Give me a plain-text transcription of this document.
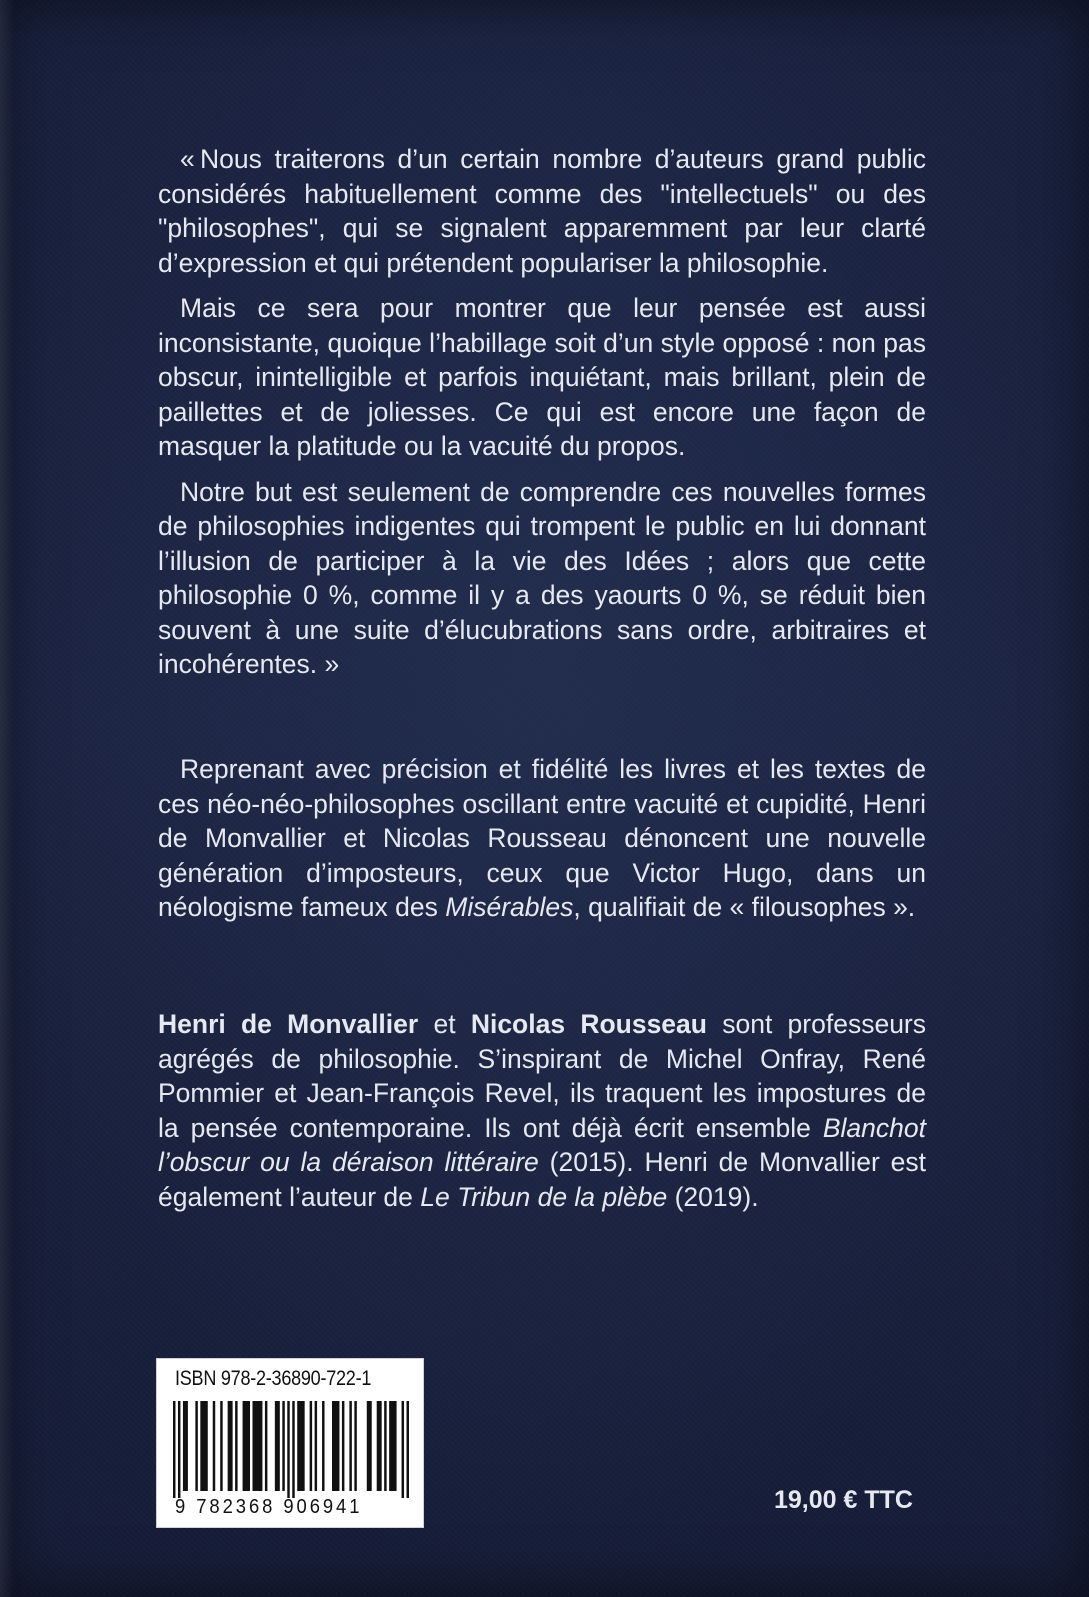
« Nous traiterons d’un certain nombre d’auteurs grand public considérés habituellement comme des "intellectuels" ou des "philosophes", qui se signalent apparemment par leur clarté d’expression et qui prétendent populariser la philosophie.

Mais ce sera pour montrer que leur pensée est aussi inconsistante, quoique l’habillage soit d’un style opposé : non pas obscur, inintelligible et parfois inquiétant, mais brillant, plein de paillettes et de joliesses. Ce qui est encore une façon de masquer la platitude ou la vacuité du propos.

Notre but est seulement de comprendre ces nouvelles formes de philosophies indigentes qui trompent le public en lui donnant l’illusion de participer à la vie des Idées ; alors que cette philosophie 0 %, comme il y a des yaourts 0 %, se réduit bien souvent à une suite d’élucubrations sans ordre, arbitraires et incohérentes. »

Reprenant avec précision et fidélité les livres et les textes de ces néo-néo-philosophes oscillant entre vacuité et cupidité, Henri de Monvallier et Nicolas Rousseau dénoncent une nouvelle génération d’imposteurs, ceux que Victor Hugo, dans un néologisme fameux des Misérables, qualifiait de « filousophes ».

Henri de Monvallier et Nicolas Rousseau sont professeurs agrégés de philosophie. S’inspirant de Michel Onfray, René Pommier et Jean-François Revel, ils traquent les impostures de la pensée contemporaine. Ils ont déjà écrit ensemble Blanchot l’obscur ou la déraison littéraire (2015). Henri de Monvallier est également l’auteur de Le Tribun de la plèbe (2019).

ISBN 978-2-36890-722-1
9 782368 906941	19,00 € TTC
